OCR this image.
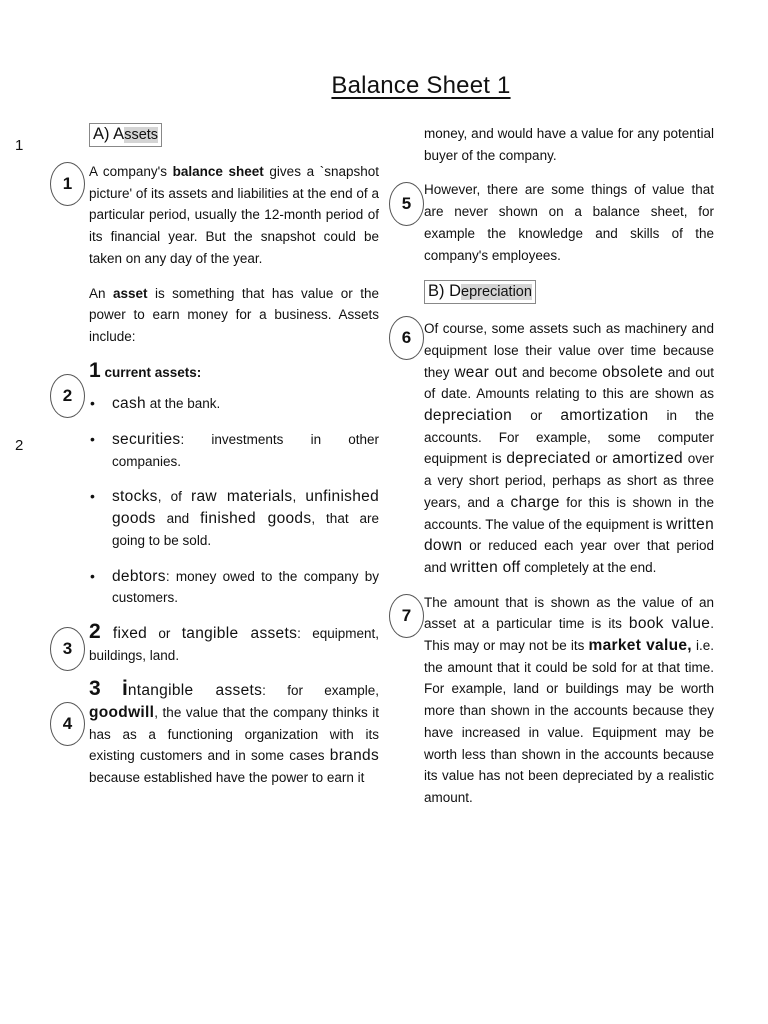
Balance Sheet 1
1
2
1
2
3
4
5
6
7
A) Assets

A company's balance sheet gives a `snapshot picture' of its assets and liabilities at the end of a particular period, usually the 12-month period of its financial year. But the snapshot could be taken on any day of the year.

An asset is something that has value or the power to earn money for a business. Assets include:

1 current assets:

• cash at the bank.
• securities: investments in other companies.
• stocks, of raw materials, unfinished goods and finished goods, that are going to be sold.
• debtors: money owed to the company by customers.

2 fixed or tangible assets: equipment, buildings, land.

3 intangible assets: for example, goodwill, the value that the company thinks it has as a functioning organization with its existing customers and in some cases brands because established have the power to earn it

money, and would have a value for any potential buyer of the company.

However, there are some things of value that are never shown on a balance sheet, for example the knowledge and skills of the company's employees.

B) Depreciation

Of course, some assets such as machinery and equipment lose their value over time because they wear out and become obsolete and out of date. Amounts relating to this are shown as depreciation or amortization in the accounts. For example, some computer equipment is depreciated or amortized over a very short period, perhaps as short as three years, and a charge for this is shown in the accounts. The value of the equipment is written down or reduced each year over that period and written off completely at the end.

The amount that is shown as the value of an asset at a particular time is its book value. This may or may not be its market value, i.e. the amount that it could be sold for at that time. For example, land or buildings may be worth more than shown in the accounts because they have increased in value. Equipment may be worth less than shown in the accounts because its value has not been depreciated by a realistic amount.
